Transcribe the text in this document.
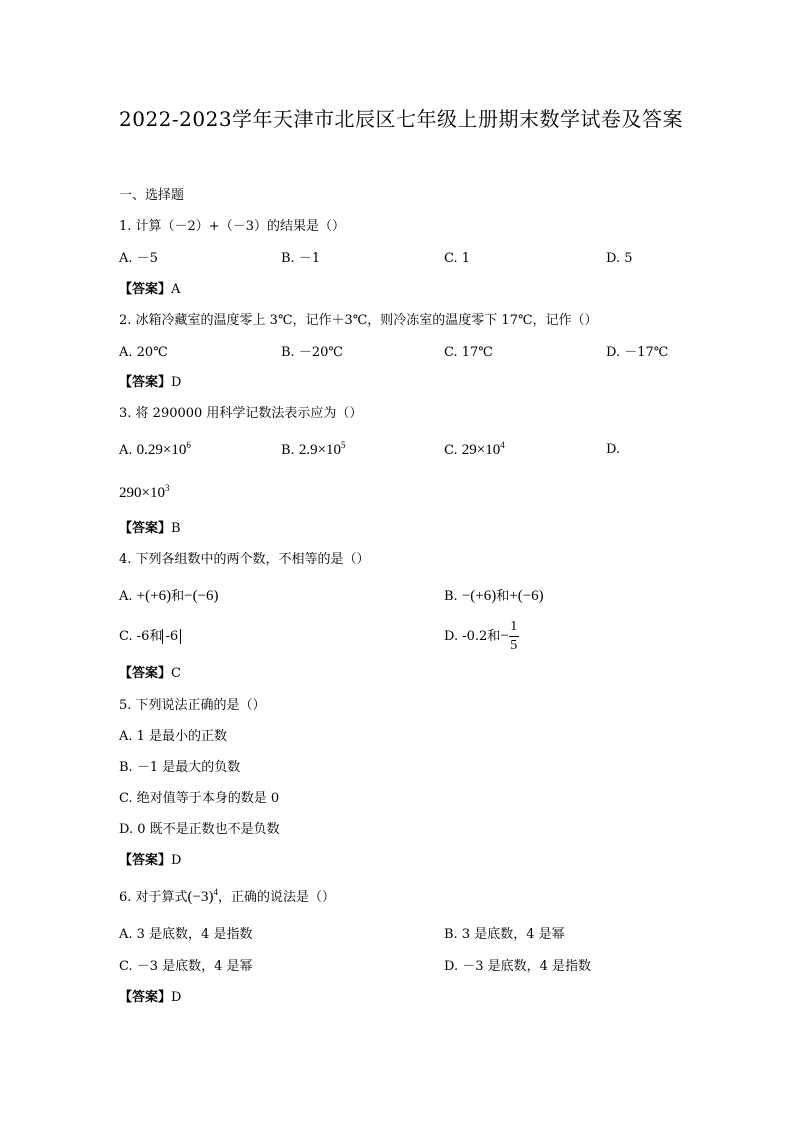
2022-2023学年天津市北辰区七年级上册期末数学试卷及答案
一、选择题
1. 计算（－2）+（－3）的结果是（）
A. －5	B. －1	C. 1	D. 5
【答案】A
2. 冰箱冷藏室的温度零上 3℃，记作＋3℃，则冷冻室的温度零下 17℃，记作（）
A. 20℃	B. －20℃	C. 17℃	D. －17℃
【答案】D
3. 将 290000 用科学记数法表示应为（）
A. $0.29\times 10^6$	B. $2.9\times 10^5$	C. $29\times 10^4$	D.
$290\times 10^3$
【答案】B
4. 下列各组数中的两个数，不相等的是（）
A. +(+6)和−(−6)	B. −(+6)和+(−6)
C. -6和 -6	D. -0.2和− $\frac{1}{5}$
【答案】C
5. 下列说法正确的是（）
A. 1 是最小的正数
B. －1 是最大的负数
C. 绝对值等于本身的数是 0
D. 0 既不是正数也不是负数
【答案】D
6. 对于算式$(-3)^4$，正确的说法是（）
A. 3 是底数，4 是指数	B. 3 是底数，4 是幂
C. －3 是底数，4 是幂	D. －3 是底数，4 是指数
【答案】D
